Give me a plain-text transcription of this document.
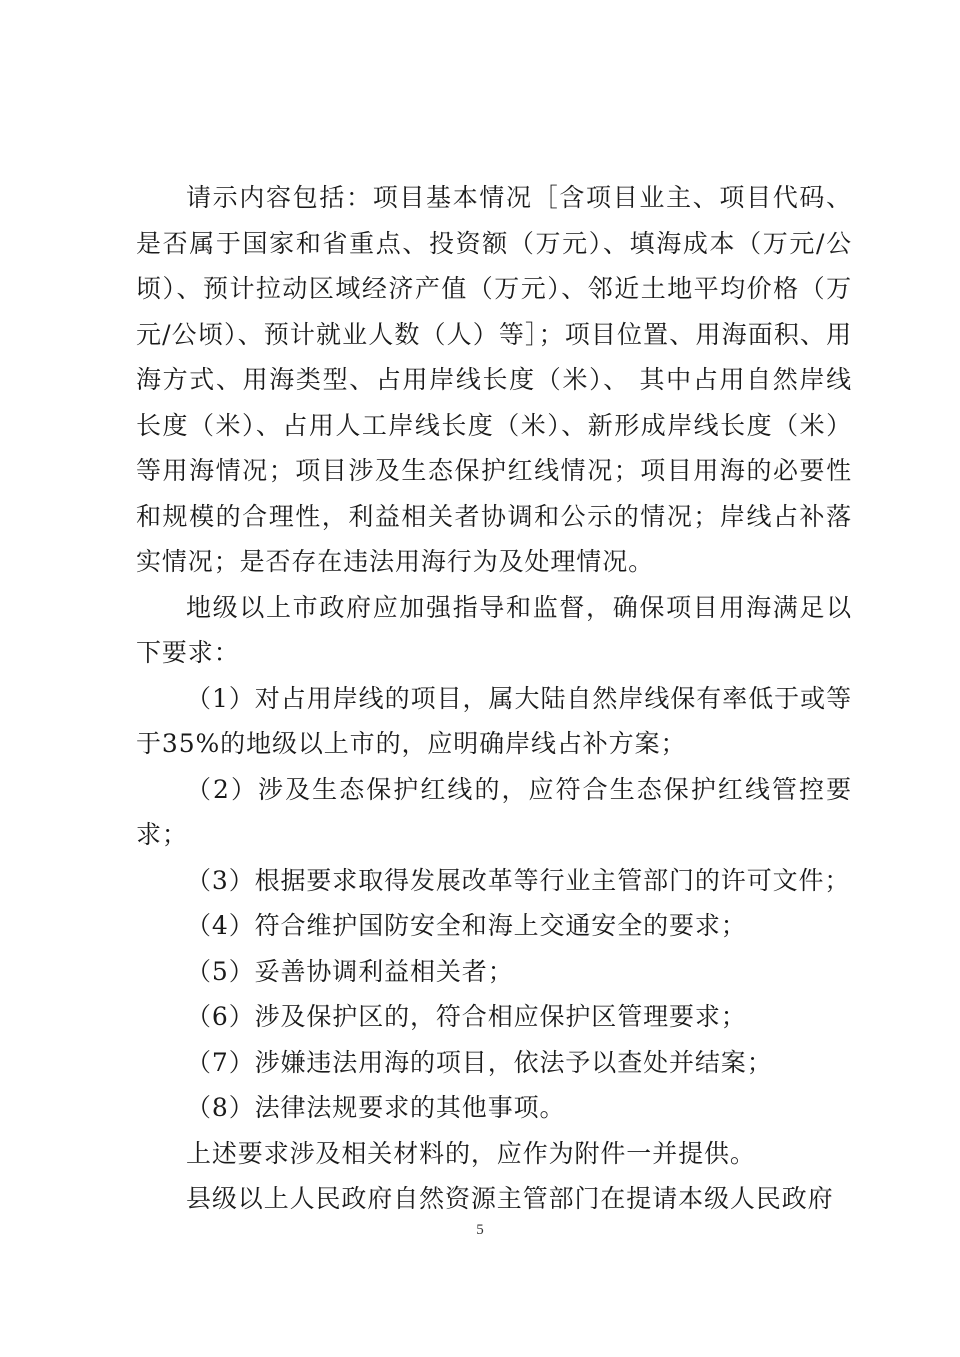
请示内容包括：项目基本情况［含项目业主、项目代码、是否属于国家和省重点、投资额（万元）、填海成本（万元/公顷）、预计拉动区域经济产值（万元）、邻近土地平均价格（万元/公顷）、预计就业人数（人）等］；项目位置、用海面积、用海方式、用海类型、占用岸线长度（米）、 其中占用自然岸线长度（米）、占用人工岸线长度（米）、新形成岸线长度（米）等用海情况；项目涉及生态保护红线情况；项目用海的必要性和规模的合理性，利益相关者协调和公示的情况；岸线占补落实情况；是否存在违法用海行为及处理情况。

地级以上市政府应加强指导和监督，确保项目用海满足以下要求：

（1）对占用岸线的项目，属大陆自然岸线保有率低于或等于35%的地级以上市的，应明确岸线占补方案；

（2）涉及生态保护红线的，应符合生态保护红线管控要求；

（3）根据要求取得发展改革等行业主管部门的许可文件；

（4）符合维护国防安全和海上交通安全的要求；

（5）妥善协调利益相关者；

（6）涉及保护区的，符合相应保护区管理要求；

（7）涉嫌违法用海的项目，依法予以查处并结案；

（8）法律法规要求的其他事项。

上述要求涉及相关材料的，应作为附件一并提供。

县级以上人民政府自然资源主管部门在提请本级人民政府

5
